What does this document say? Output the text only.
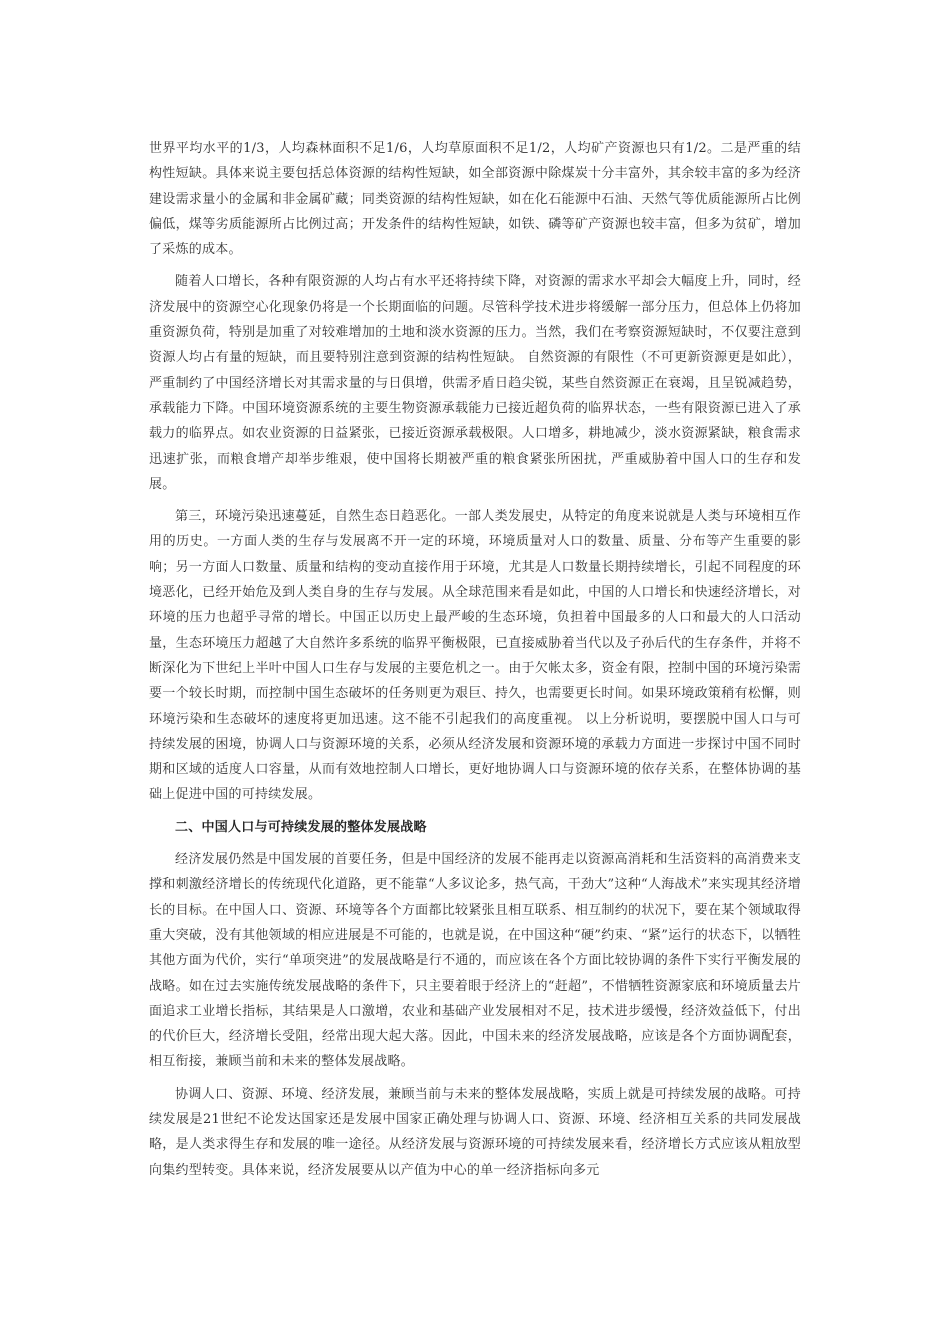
世界平均水平的1/3，人均森林面积不足1/6，人均草原面积不足1/2，人均矿产资源也只有1/2。二是严重的结构性短缺。具体来说主要包括总体资源的结构性短缺，如全部资源中除煤炭十分丰富外，其余较丰富的多为经济建设需求量小的金属和非金属矿藏；同类资源的结构性短缺，如在化石能源中石油、天然气等优质能源所占比例偏低，煤等劣质能源所占比例过高；开发条件的结构性短缺，如铁、磷等矿产资源也较丰富，但多为贫矿，增加了采炼的成本。

随着人口增长，各种有限资源的人均占有水平还将持续下降，对资源的需求水平却会大幅度上升，同时，经济发展中的资源空心化现象仍将是一个长期面临的问题。尽管科学技术进步将缓解一部分压力，但总体上仍将加重资源负荷，特别是加重了对较难增加的土地和淡水资源的压力。当然，我们在考察资源短缺时，不仅要注意到资源人均占有量的短缺，而且要特别注意到资源的结构性短缺。 自然资源的有限性（不可更新资源更是如此），严重制约了中国经济增长对其需求量的与日俱增，供需矛盾日趋尖锐，某些自然资源正在衰竭，且呈锐减趋势，承载能力下降。中国环境资源系统的主要生物资源承载能力已接近超负荷的临界状态，一些有限资源已进入了承载力的临界点。如农业资源的日益紧张，已接近资源承载极限。人口增多，耕地减少，淡水资源紧缺，粮食需求迅速扩张，而粮食增产却举步维艰，使中国将长期被严重的粮食紧张所困扰，严重威胁着中国人口的生存和发展。

第三，环境污染迅速蔓延，自然生态日趋恶化。一部人类发展史，从特定的角度来说就是人类与环境相互作用的历史。一方面人类的生存与发展离不开一定的环境，环境质量对人口的数量、质量、分布等产生重要的影响；另一方面人口数量、质量和结构的变动直接作用于环境，尤其是人口数量长期持续增长，引起不同程度的环境恶化，已经开始危及到人类自身的生存与发展。从全球范围来看是如此，中国的人口增长和快速经济增长，对环境的压力也超乎寻常的增长。中国正以历史上最严峻的生态环境，负担着中国最多的人口和最大的人口活动量，生态环境压力超越了大自然许多系统的临界平衡极限，已直接威胁着当代以及子孙后代的生存条件，并将不断深化为下世纪上半叶中国人口生存与发展的主要危机之一。由于欠帐太多，资金有限，控制中国的环境污染需要一个较长时期，而控制中国生态破坏的任务则更为艰巨、持久，也需要更长时间。如果环境政策稍有松懈，则环境污染和生态破坏的速度将更加迅速。这不能不引起我们的高度重视。 以上分析说明，要摆脱中国人口与可持续发展的困境，协调人口与资源环境的关系，必须从经济发展和资源环境的承载力方面进一步探讨中国不同时期和区域的适度人口容量，从而有效地控制人口增长，更好地协调人口与资源环境的依存关系，在整体协调的基础上促进中国的可持续发展。

二、中国人口与可持续发展的整体发展战略

经济发展仍然是中国发展的首要任务，但是中国经济的发展不能再走以资源高消耗和生活资料的高消费来支撑和刺激经济增长的传统现代化道路，更不能靠“人多议论多，热气高，干劲大”这种“人海战术”来实现其经济增长的目标。在中国人口、资源、环境等各个方面都比较紧张且相互联系、相互制约的状况下，要在某个领域取得重大突破，没有其他领域的相应进展是不可能的，也就是说，在中国这种“硬”约束、“紧”运行的状态下，以牺牲其他方面为代价，实行“单项突进”的发展战略是行不通的，而应该在各个方面比较协调的条件下实行平衡发展的战略。如在过去实施传统发展战略的条件下，只主要着眼于经济上的“赶超”，不惜牺牲资源家底和环境质量去片面追求工业增长指标，其结果是人口激增，农业和基础产业发展相对不足，技术进步缓慢，经济效益低下，付出的代价巨大，经济增长受阻，经常出现大起大落。因此，中国未来的经济发展战略，应该是各个方面协调配套，相互衔接，兼顾当前和未来的整体发展战略。

协调人口、资源、环境、经济发展，兼顾当前与未来的整体发展战略，实质上就是可持续发展的战略。可持续发展是21世纪不论发达国家还是发展中国家正确处理与协调人口、资源、环境、经济相互关系的共同发展战略，是人类求得生存和发展的唯一途径。从经济发展与资源环境的可持续发展来看，经济增长方式应该从粗放型向集约型转变。具体来说，经济发展要从以产值为中心的单一经济指标向多元
